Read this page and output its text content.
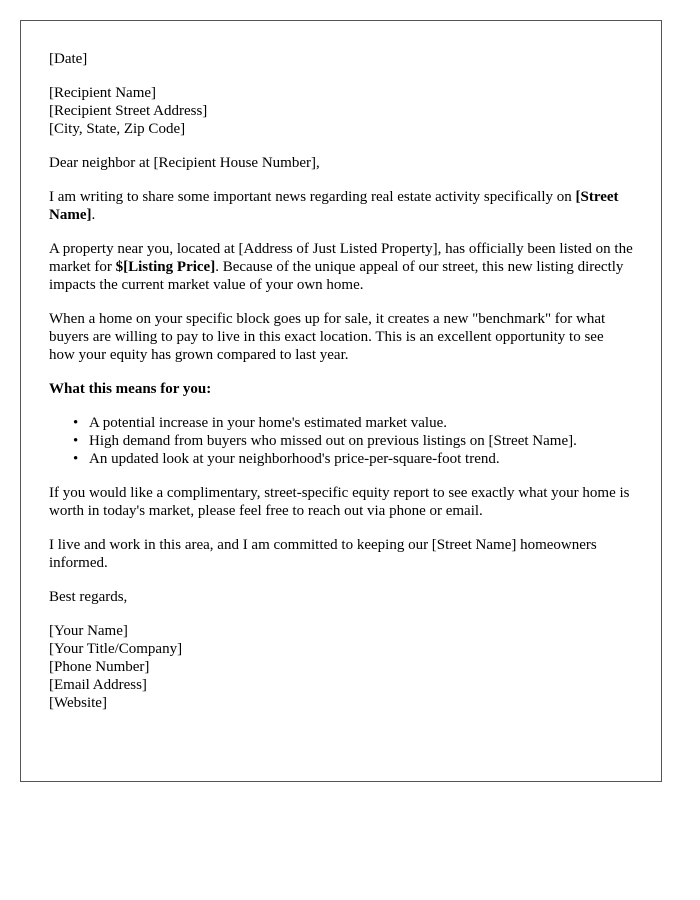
[Date]

[Recipient Name]
[Recipient Street Address]
[City, State, Zip Code]

Dear neighbor at [Recipient House Number],

I am writing to share some important news regarding real estate activity specifically on [Street Name].

A property near you, located at [Address of Just Listed Property], has officially been listed on the market for $[Listing Price]. Because of the unique appeal of our street, this new listing directly impacts the current market value of your own home.

When a home on your specific block goes up for sale, it creates a new "benchmark" for what buyers are willing to pay to live in this exact location. This is an excellent opportunity to see how your equity has grown compared to last year.

What this means for you:

• A potential increase in your home's estimated market value.
• High demand from buyers who missed out on previous listings on [Street Name].
• An updated look at your neighborhood's price-per-square-foot trend.

If you would like a complimentary, street-specific equity report to see exactly what your home is worth in today's market, please feel free to reach out via phone or email.

I live and work in this area, and I am committed to keeping our [Street Name] homeowners informed.

Best regards,

[Your Name]
[Your Title/Company]
[Phone Number]
[Email Address]
[Website]
